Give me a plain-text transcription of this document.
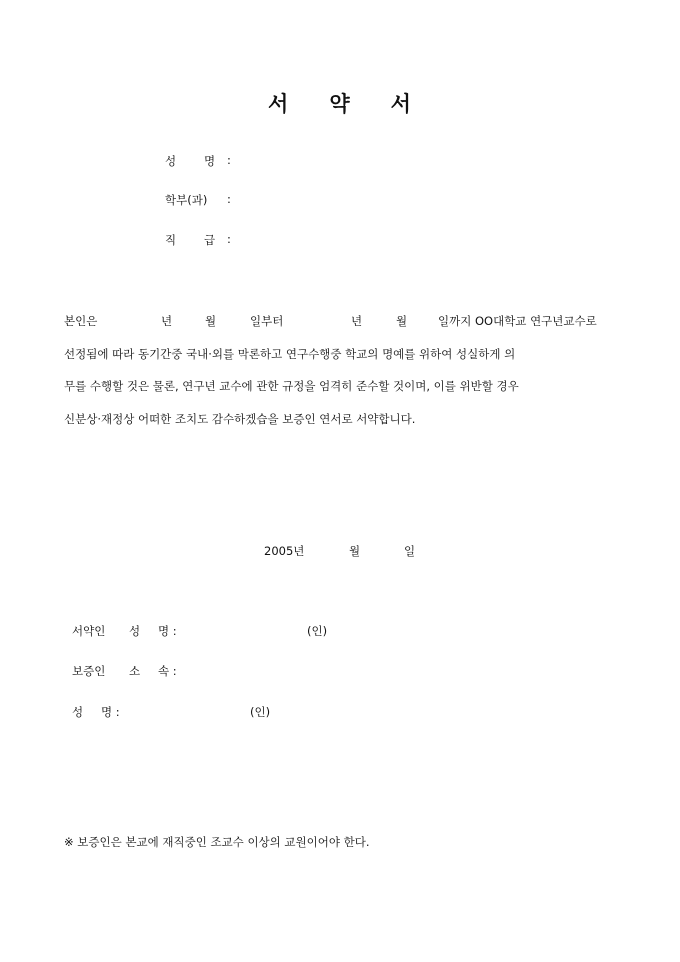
서 약 서
성 명 :
학부(과) :
직 급 :
본인은	년	월	일부터	년	월	일까지 OO대학교 연구년교수로
선정됨에 따라 동기간중 국내·외를 막론하고 연구수행중 학교의 명예를 위하여 성실하게 의
무를 수행할 것은 물론, 연구년 교수에 관한 규정을 엄격히 준수할 것이며, 이를 위반할 경우
신분상·재정상 어떠한 조치도 감수하겠습을 보증인 연서로 서약합니다.
2005년	월	일
서약인 성 명 :	(인)
보증인 소 속 :
성 명 :	(인)
※ 보증인은 본교에 재직중인 조교수 이상의 교원이어야 한다.
